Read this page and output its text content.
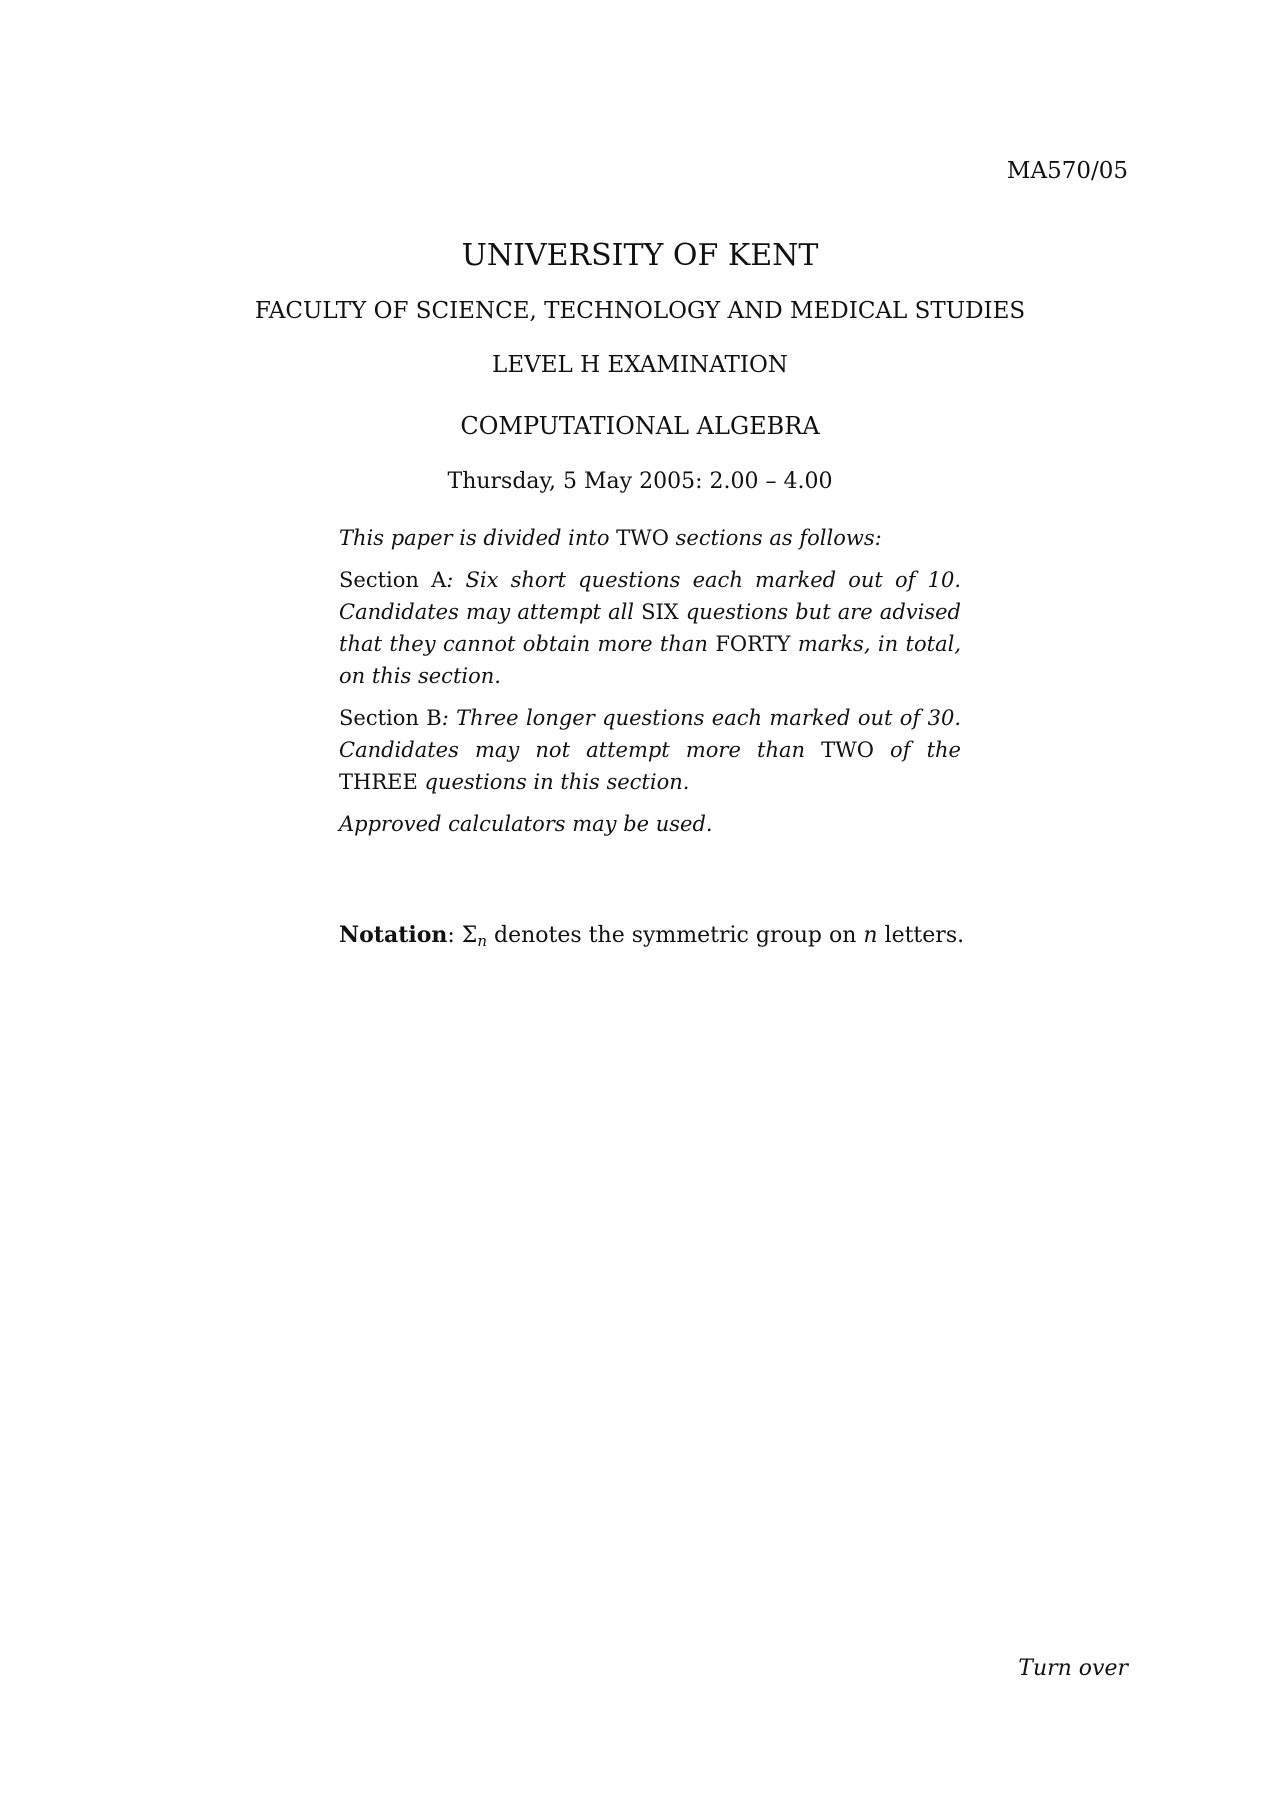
MA570/05
UNIVERSITY OF KENT
FACULTY OF SCIENCE, TECHNOLOGY AND MEDICAL STUDIES
LEVEL H EXAMINATION
COMPUTATIONAL ALGEBRA
Thursday, 5 May 2005: 2.00 – 4.00

This paper is divided into TWO sections as follows:

Section A: Six short questions each marked out of 10. Candidates may attempt all SIX questions but are advised that they cannot obtain more than FORTY marks, in total, on this section.

Section B: Three longer questions each marked out of 30. Candidates may not attempt more than TWO of the THREE questions in this section.

Approved calculators may be used.

Notation: $\Sigma_n$ denotes the symmetric group on n letters.
Turn over
